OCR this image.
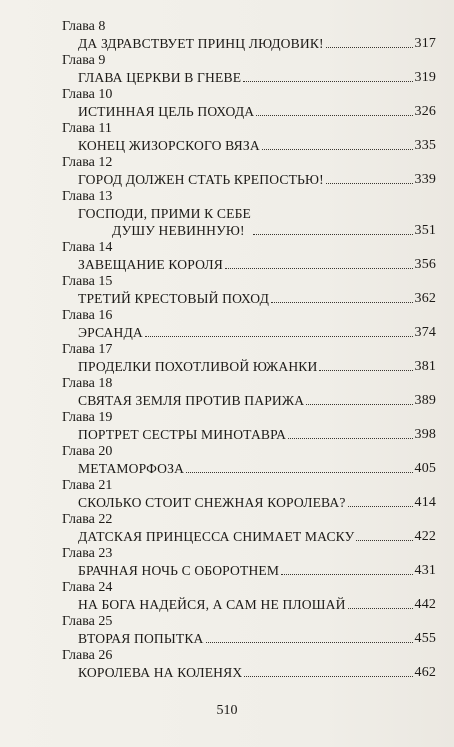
Глава 8
ДА ЗДРАВСТВУЕТ ПРИНЦ ЛЮДОВИК!	317
Глава 9
ГЛАВА ЦЕРКВИ В ГНЕВЕ	319
Глава 10
ИСТИННАЯ ЦЕЛЬ ПОХОДА	326
Глава 11
КОНЕЦ ЖИЗОРСКОГО ВЯЗА	335
Глава 12
ГОРОД ДОЛЖЕН СТАТЬ КРЕПОСТЬЮ!	339
Глава 13
ГОСПОДИ, ПРИМИ К СЕБЕ
ДУШУ НЕВИННУЮ!	351
Глава 14
ЗАВЕЩАНИЕ КОРОЛЯ	356
Глава 15
ТРЕТИЙ КРЕСТОВЫЙ ПОХОД	362
Глава 16
ЭРСАНДА	374
Глава 17
ПРОДЕЛКИ ПОХОТЛИВОЙ ЮЖАНКИ	381
Глава 18
СВЯТАЯ ЗЕМЛЯ ПРОТИВ ПАРИЖА	389
Глава 19
ПОРТРЕТ СЕСТРЫ МИНОТАВРА	398
Глава 20
МЕТАМОРФОЗА	405
Глава 21
СКОЛЬКО СТОИТ СНЕЖНАЯ КОРОЛЕВА?	414
Глава 22
ДАТСКАЯ ПРИНЦЕССА СНИМАЕТ МАСКУ	422
Глава 23
БРАЧНАЯ НОЧЬ С ОБОРОТНЕМ	431
Глава 24
НА БОГА НАДЕЙСЯ, А САМ НЕ ПЛОШАЙ	442
Глава 25
ВТОРАЯ ПОПЫТКА	455
Глава 26
КОРОЛЕВА НА КОЛЕНЯХ	462
510
